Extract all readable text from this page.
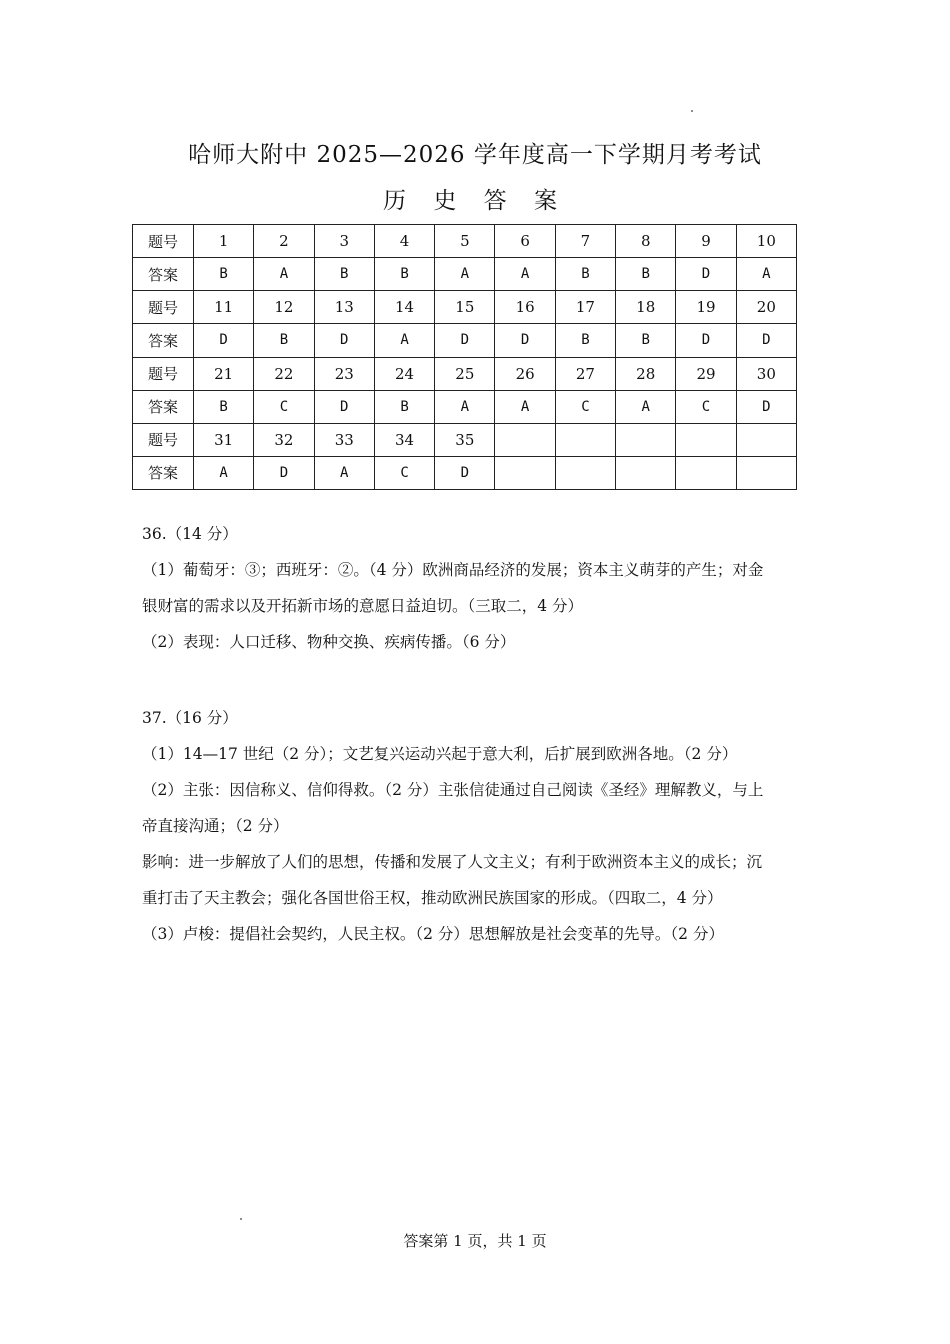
哈师大附中 2025—2026 学年度高一下学期月考考试
历 史 答 案
题号	1	2	3	4	5	6	7	8	9	10
答案	B	A	B	B	A	A	B	B	D	A
题号	11	12	13	14	15	16	17	18	19	20
答案	D	B	D	A	D	D	B	B	D	D
题号	21	22	23	24	25	26	27	28	29	30
答案	B	C	D	B	A	A	C	A	C	D
题号	31	32	33	34	35					
答案	A	D	A	C	D					

36.（14 分）

（1）葡萄牙：③；西班牙：②。（4 分）欧洲商品经济的发展；资本主义萌芽的产生；对金

银财富的需求以及开拓新市场的意愿日益迫切。（三取二，4 分）

（2）表现：人口迁移、物种交换、疾病传播。（6 分）

37.（16 分）

（1）14—17 世纪（2 分）；文艺复兴运动兴起于意大利，后扩展到欧洲各地。（2 分）

（2）主张：因信称义、信仰得救。（2 分）主张信徒通过自己阅读《圣经》理解教义，与上

帝直接沟通；（2 分）

影响：进一步解放了人们的思想，传播和发展了人文主义；有利于欧洲资本主义的成长；沉

重打击了天主教会；强化各国世俗王权，推动欧洲民族国家的形成。（四取二，4 分）

（3）卢梭：提倡社会契约，人民主权。（2 分）思想解放是社会变革的先导。（2 分）

答案第 1 页，共 1 页
